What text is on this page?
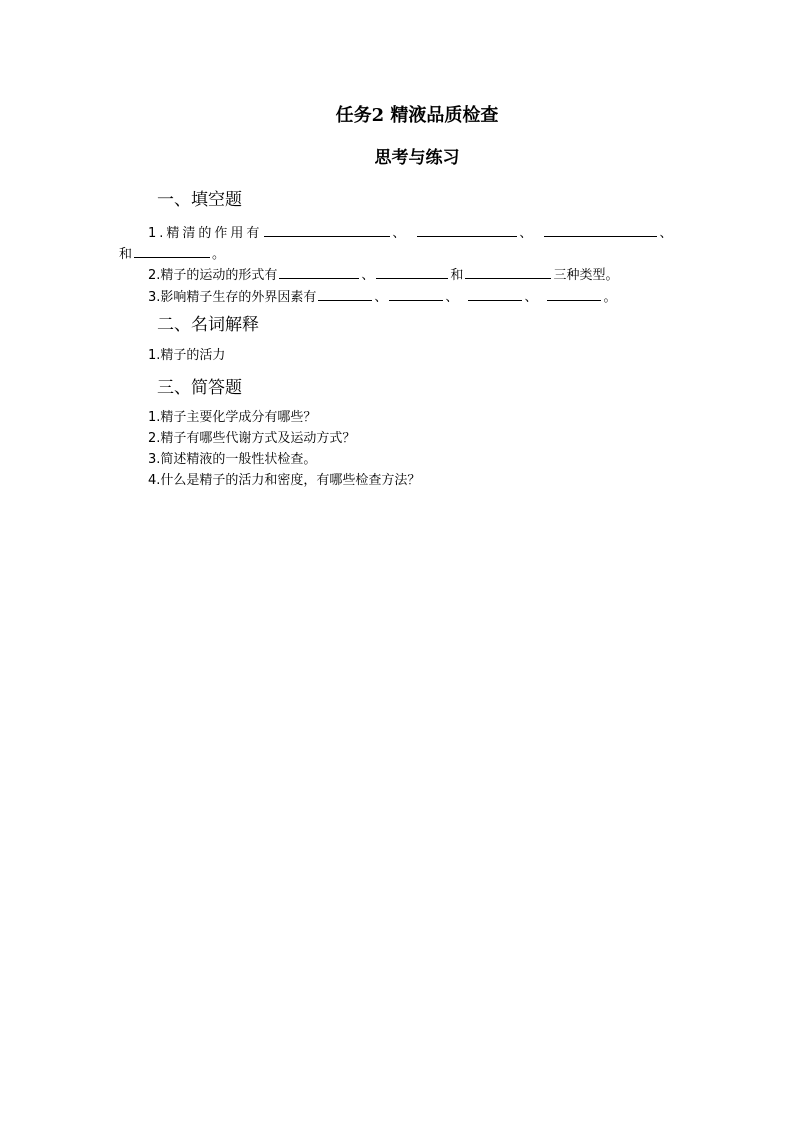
任务2 精液品质检查
思考与练习
一、填空题
1.精清的作用有	、	、	、
和	。
2.精子的运动的形式有	、	和	三种类型。
3.影响精子生存的外界因素有	、	、	、	。
二、名词解释
1.精子的活力
三、简答题
1.精子主要化学成分有哪些？
2.精子有哪些代谢方式及运动方式？
3.简述精液的一般性状检查。
4.什么是精子的活力和密度，有哪些检查方法？
